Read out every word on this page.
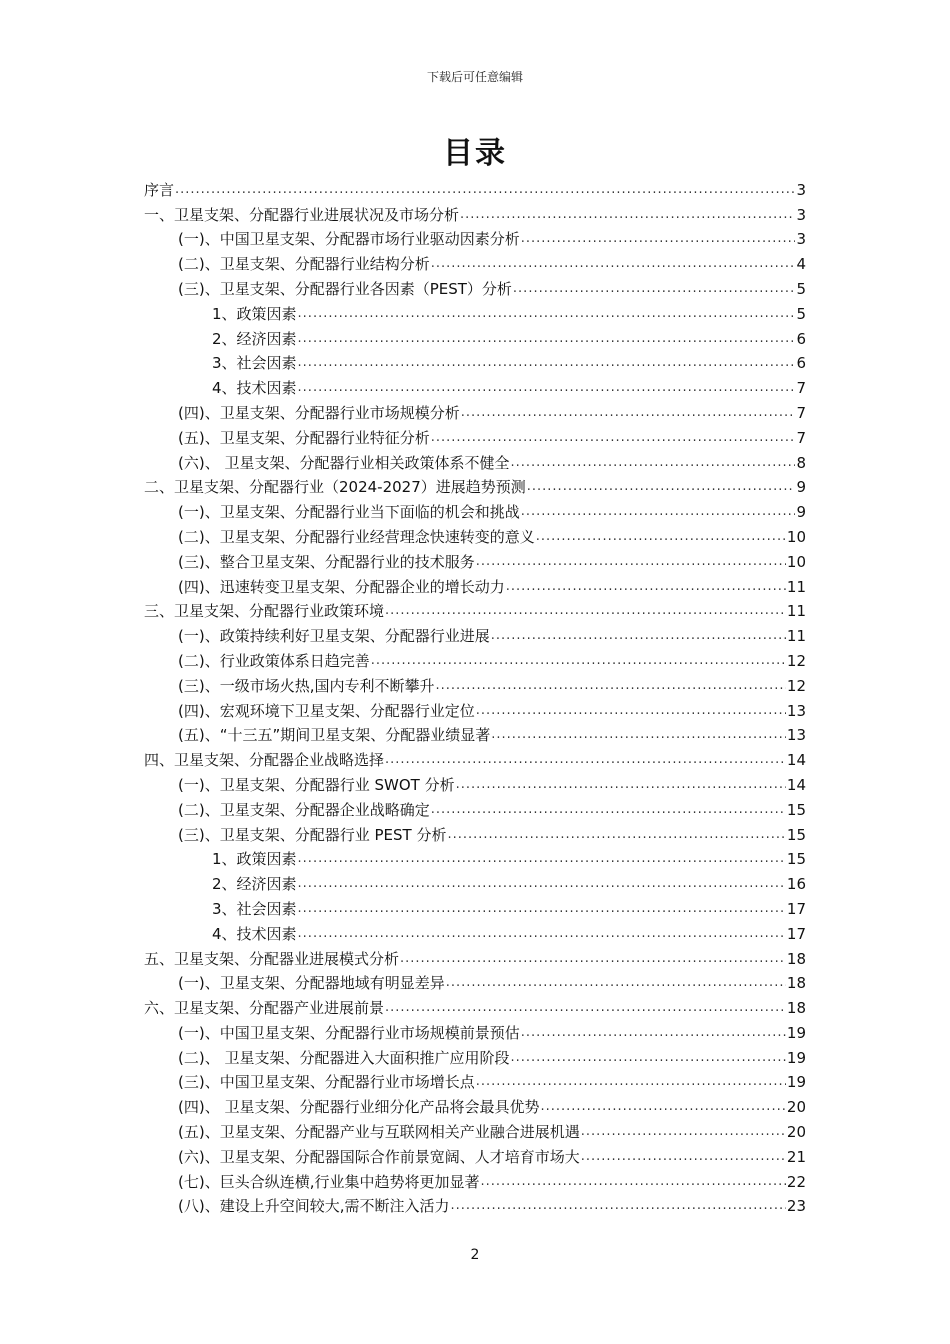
下载后可任意编辑
目录
序言 .....	3
一、卫星支架、分配器行业进展状况及市场分析 .....	3
(一)、中国卫星支架、分配器市场行业驱动因素分析 .....	3
(二)、卫星支架、分配器行业结构分析 .....	4
(三)、卫星支架、分配器行业各因素（PEST）分析 .....	5
1、政策因素 .....	5
2、经济因素 .....	6
3、社会因素 .....	6
4、技术因素 .....	7
(四)、卫星支架、分配器行业市场规模分析 .....	7
(五)、卫星支架、分配器行业特征分析 .....	7
(六)、 卫星支架、分配器行业相关政策体系不健全 .....	8
二、卫星支架、分配器行业（2024-2027）进展趋势预测 .....	9
(一)、卫星支架、分配器行业当下面临的机会和挑战 .....	9
(二)、卫星支架、分配器行业经营理念快速转变的意义 .....	10
(三)、整合卫星支架、分配器行业的技术服务 .....	10
(四)、迅速转变卫星支架、分配器企业的增长动力 .....	11
三、卫星支架、分配器行业政策环境 .....	11
(一)、政策持续利好卫星支架、分配器行业进展 .....	11
(二)、行业政策体系日趋完善 .....	12
(三)、一级市场火热,国内专利不断攀升 .....	12
(四)、宏观环境下卫星支架、分配器行业定位 .....	13
(五)、“十三五”期间卫星支架、分配器业绩显著 .....	13
四、卫星支架、分配器企业战略选择 .....	14
(一)、卫星支架、分配器行业 SWOT 分析 .....	14
(二)、卫星支架、分配器企业战略确定 .....	15
(三)、卫星支架、分配器行业 PEST 分析 .....	15
1、政策因素 .....	15
2、经济因素 .....	16
3、社会因素 .....	17
4、技术因素 .....	17
五、卫星支架、分配器业进展模式分析 .....	18
(一)、卫星支架、分配器地域有明显差异 .....	18
六、卫星支架、分配器产业进展前景 .....	18
(一)、中国卫星支架、分配器行业市场规模前景预估 .....	19
(二)、 卫星支架、分配器进入大面积推广应用阶段 .....	19
(三)、中国卫星支架、分配器行业市场增长点 .....	19
(四)、 卫星支架、分配器行业细分化产品将会最具优势 .....	20
(五)、卫星支架、分配器产业与互联网相关产业融合进展机遇 .....	20
(六)、卫星支架、分配器国际合作前景宽阔、人才培育市场大 .....	21
(七)、巨头合纵连横,行业集中趋势将更加显著 .....	22
(八)、建设上升空间较大,需不断注入活力 .....	23
2
